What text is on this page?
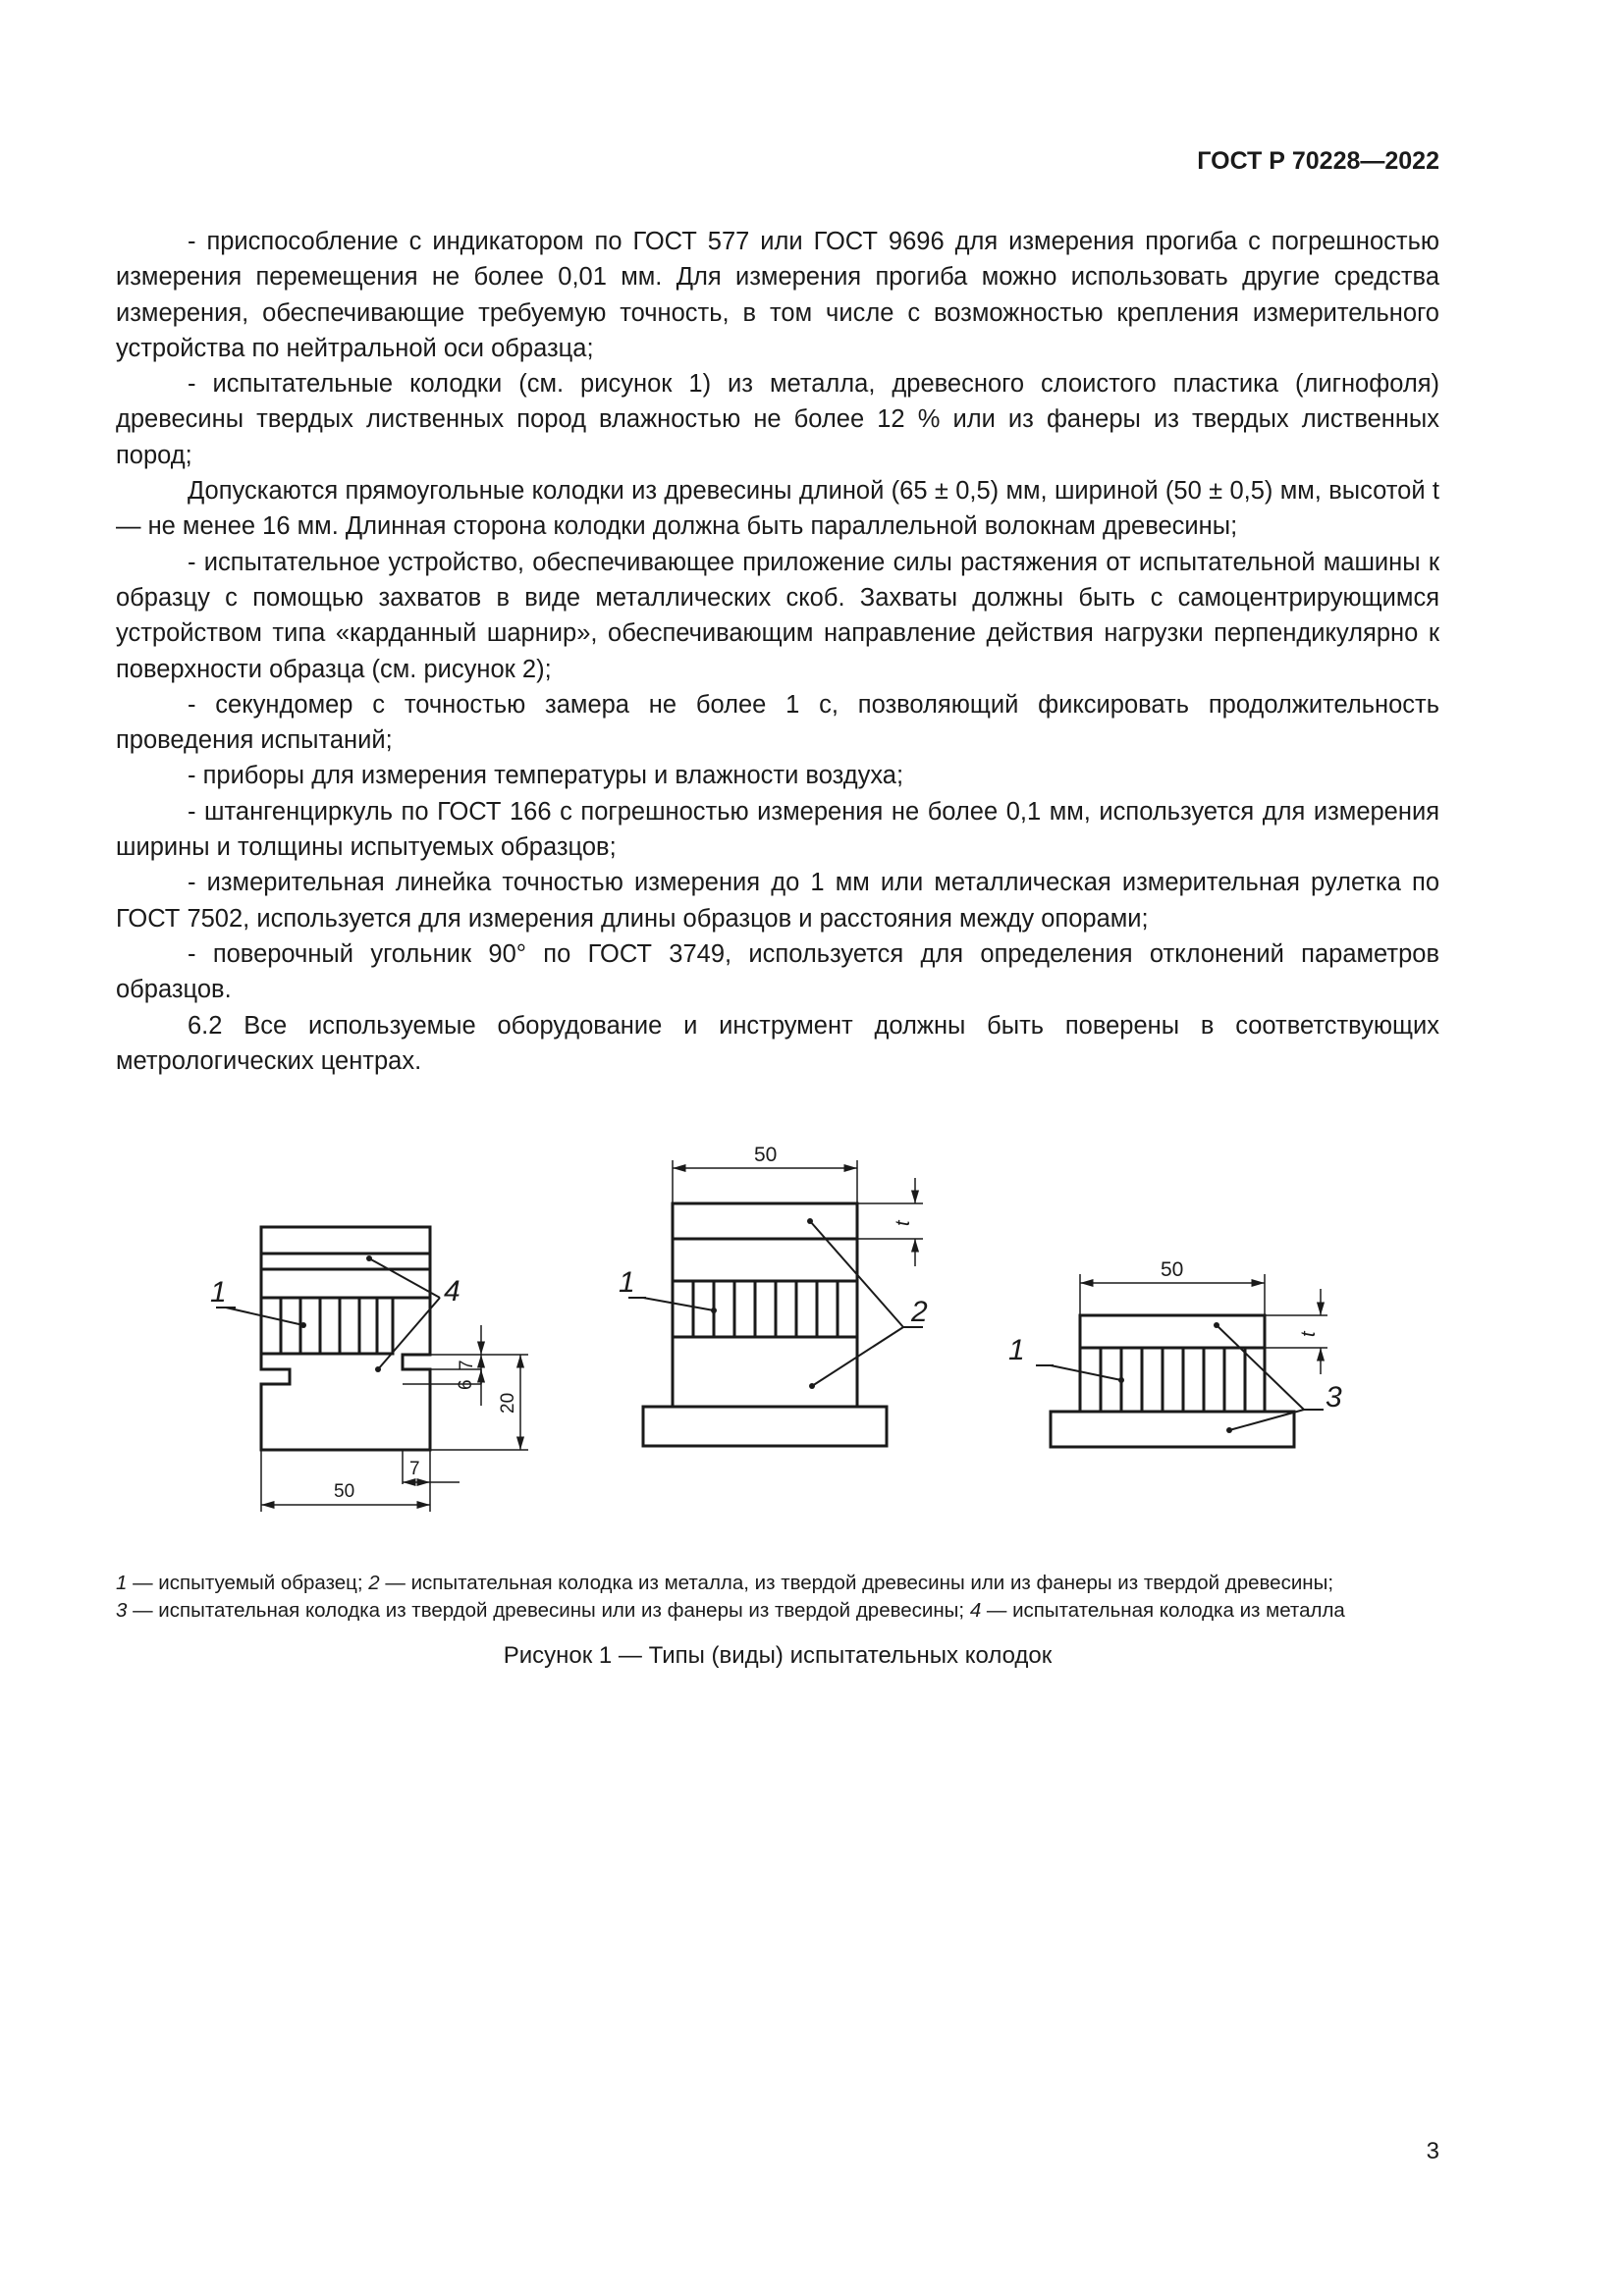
ГОСТ Р 70228—2022

- приспособление с индикатором по ГОСТ 577 или ГОСТ 9696 для измерения прогиба с погрешностью измерения перемещения не более 0,01 мм. Для измерения прогиба можно использовать другие средства измерения, обеспечивающие требуемую точность, в том числе с возможностью крепления измерительного устройства по нейтральной оси образца;

- испытательные колодки (см. рисунок 1) из металла, древесного слоистого пластика (лигнофоля) древесины твердых лиственных пород влажностью не более 12 % или из фанеры из твердых лиственных пород;

Допускаются прямоугольные колодки из древесины длиной (65 ± 0,5) мм, шириной (50 ± 0,5) мм, высотой t — не менее 16 мм. Длинная сторона колодки должна быть параллельной волокнам древесины;

- испытательное устройство, обеспечивающее приложение силы растяжения от испытательной машины к образцу с помощью захватов в виде металлических скоб. Захваты должны быть с самоцентрирующимся устройством типа «карданный шарнир», обеспечивающим направление действия нагрузки перпендикулярно к поверхности образца (см. рисунок 2);

- секундомер с точностью замера не более 1 с, позволяющий фиксировать продолжительность проведения испытаний;

- приборы для измерения температуры и влажности воздуха;

- штангенциркуль по ГОСТ 166 с погрешностью измерения не более 0,1 мм, используется для измерения ширины и толщины испытуемых образцов;

- измерительная линейка точностью измерения до 1 мм или металлическая измерительная рулетка по ГОСТ 7502, используется для измерения длины образцов и расстояния между опорами;

- поверочный угольник 90° по ГОСТ 3749, используется для определения отклонений параметров образцов.

6.2 Все используемые оборудование и инструмент должны быть поверены в соответствующих метрологических центрах.

1	4
7
6
20
7
50
50
t
1
2
50
t
1
3

1 — испытуемый образец; 2 — испытательная колодка из металла, из твердой древесины или из фанеры из твердой древесины;

3 — испытательная колодка из твердой древесины или из фанеры из твердой древесины; 4 — испытательная колодка из металла

Рисунок 1 — Типы (виды) испытательных колодок
3
